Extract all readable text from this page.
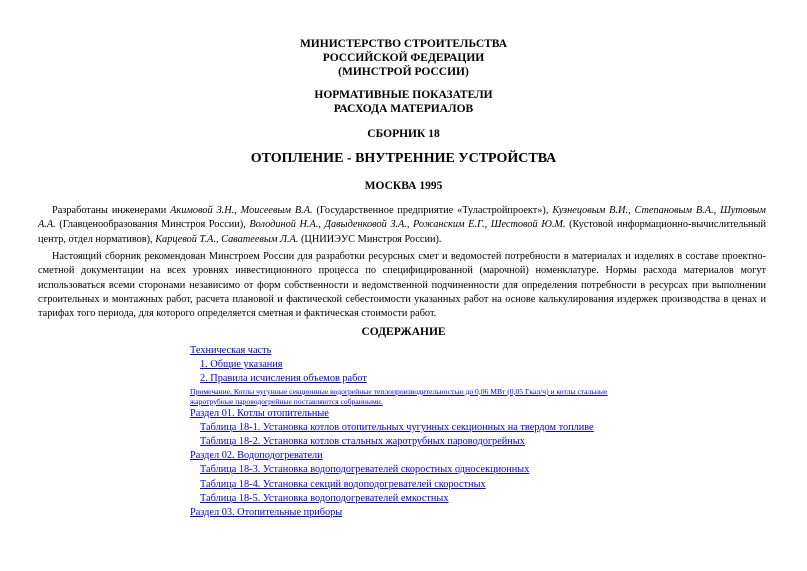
МИНИСТЕРСТВО СТРОИТЕЛЬСТВА
РОССИЙСКОЙ ФЕДЕРАЦИИ
(МИНСТРОЙ РОССИИ)
НОРМАТИВНЫЕ ПОКАЗАТЕЛИ
РАСХОДА МАТЕРИАЛОВ
СБОРНИК 18
ОТОПЛЕНИЕ - ВНУТРЕННИЕ УСТРОЙСТВА
МОСКВА 1995

Разработаны инженерами Акимовой З.Н., Моисеевым В.А. (Государственное предприятие «Тулаcтройпроект»), Кузнецовым В.И., Степановым В.А., Шутовым А.А. (Главценообразования Минстроя России), Володиной Н.А., Давыденковой З.А., Рожанским Е.Г., Шестовой Ю.М. (Кустовой информационно-вычислительный центр, отдел нормативов), Карцевой Т.А., Саватеевым Л.А. (ЦНИИЭУС Минстроя России).

Настоящий сборник рекомендован Минстроем России для разработки ресурсных смет и ведомостей потребности в материалах и изделиях в составе проектно-сметной документации на всех уровнях инвестиционного процесса по специфицированной (марочной) номенклатуре. Нормы расхода материалов могут использоваться всеми сторонами независимо от форм собственности и ведомственной подчиненности для определения потребности в ресурсах при выполнении строительных и монтажных работ, расчета плановой и фактической себестоимости указанных работ на основе калькулирования издержек производства в ценах и тарифах того периода, для которого определяется сметная и фактическая стоимости работ.

СОДЕРЖАНИЕ
Техническая часть
1. Общие указания
2. Правила исчисления объемов работ
Примечание. Котлы чугунные секционные водогрейные теплопроизводительностью до 0,06 МВт (0,05 Гкал/ч) и котлы стальные жаротрубные пароводогрейные поставляются собранными.
Раздел 01. Котлы отопительные
Таблица 18-1. Установка котлов отопительных чугунных секционных на твердом топливе
Таблица 18-2. Установка котлов стальных жаротрубных пароводогрейных
Раздел 02. Водоподогреватели
Таблица 18-3. Установка водоподогревателей скоростных односекционных
Таблица 18-4. Установка секций водоподогревателей скоростных
Таблица 18-5. Установка водоподогревателей емкостных
Раздел 03. Отопительные приборы
